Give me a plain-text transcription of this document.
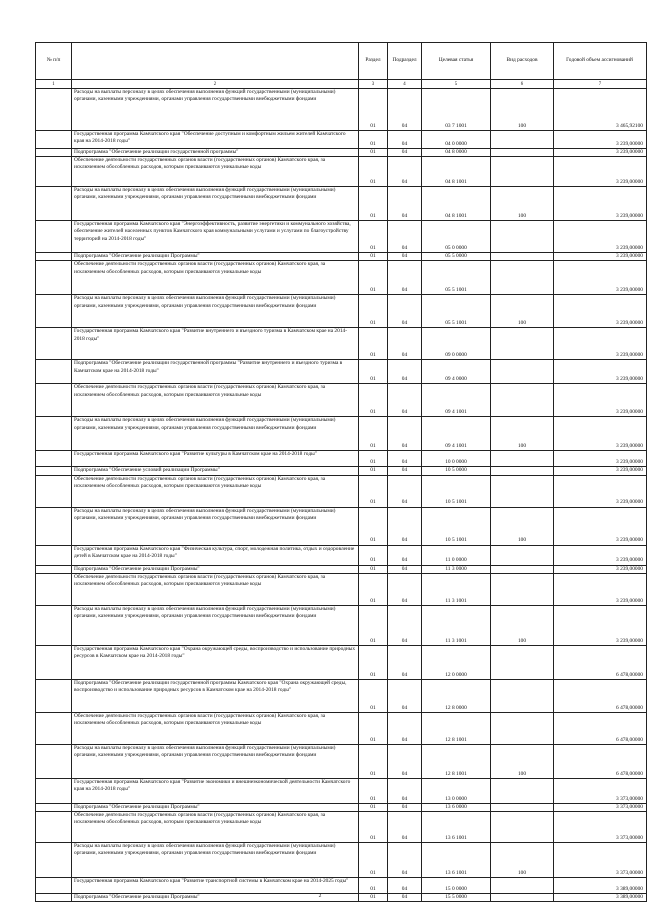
№ п/п		Раздел	Подраздел	Целевая статья	Вид расходов	Годовой объем ассигнований
1	2	3	4	5	6	7
	Расходы на выплаты персоналу в целях обеспечения выполнения функций государственными (муниципальными) органами, казенными учреждениями, органами управления государственными внебюджетными фондами	01	04	03 7 1001	100	3 465,92100
	Государственная программа Камчатского края "Обеспечение доступным и комфортным жильем жителей Камчатского края на 2014-2018 годы"	01	04	04 0 0000		3 239,00000
	Подпрограмма "Обеспечение реализации государственной программы"	01	04	04 8 0000		3 239,00000
	Обеспечение деятельности государственных органов власти (государственных органов) Камчатского края, за исключением обособленных расходов, которым присваиваются уникальные коды	01	04	04 8 1001		3 239,00000
	Расходы на выплаты персоналу в целях обеспечения выполнения функций государственными (муниципальными) органами, казенными учреждениями, органами управления государственными внебюджетными фондами	01	04	04 8 1001	100	3 239,00000
	Государственная программа Камчатского края "Энергоэффективность, развитие энергетики и коммунального хозяйства, обеспечение жителей населенных пунктов Камчатского края коммунальными услугами и услугами по благоустройству территорий на 2014-2018 годы"	01	04	05 0 0000		3 239,00000
	Подпрограмма "Обеспечение реализации Программы"	01	04	05 5 0000		3 239,00000
	Обеспечение деятельности государственных органов власти (государственных органов) Камчатского края, за исключением обособленных расходов, которым присваиваются уникальные коды	01	04	05 5 1001		3 239,00000
	Расходы на выплаты персоналу в целях обеспечения выполнения функций государственными (муниципальными) органами, казенными учреждениями, органами управления государственными внебюджетными фондами	01	04	05 5 1001	100	3 239,00000
	Государственная программа Камчатского края "Развитие внутреннего и въездного туризма в Камчатском крае на 2014-2018 годы"	01	04	09 0 0000		3 239,00000
	Подпрограмма "Обеспечение реализации государственной программы "Развитие внутреннего и въездного туризма в Камчатском крае на 2014-2018 годы"	01	04	09 4 0000		3 239,00000
	Обеспечение деятельности государственных органов власти (государственных органов) Камчатского края, за исключением обособленных расходов, которым присваиваются уникальные коды	01	04	09 4 1001		3 239,00000
	Расходы на выплаты персоналу в целях обеспечения выполнения функций государственными (муниципальными) органами, казенными учреждениями, органами управления государственными внебюджетными фондами	01	04	09 4 1001	100	3 239,00000
	Государственная программа Камчатского края "Развитие культуры в Камчатском крае на 2014-2018 годы"	01	04	10 0 0000		3 239,00000
	Подпрограмма "Обеспечение условий реализации Программы"	01	04	10 5 0000		3 239,00000
	Обеспечение деятельности государственных органов власти (государственных органов) Камчатского края, за исключением обособленных расходов, которым присваиваются уникальные коды	01	04	10 5 1001		3 239,00000
	Расходы на выплаты персоналу в целях обеспечения выполнения функций государственными (муниципальными) органами, казенными учреждениями, органами управления государственными внебюджетными фондами	01	04	10 5 1001	100	3 239,00000
	Государственная программа Камчатского края "Физическая культура, спорт, молодежная политика, отдых и оздоровление детей в Камчатском крае на 2014-2018 годы"	01	04	11 0 0000		3 239,00000
	Подпрограмма "Обеспечение реализации Программы"	01	04	11 3 0000		3 239,00000
	Обеспечение деятельности государственных органов власти (государственных органов) Камчатского края, за исключением обособленных расходов, которым присваиваются уникальные коды	01	04	11 3 1001		3 239,00000
	Расходы на выплаты персоналу в целях обеспечения выполнения функций государственными (муниципальными) органами, казенными учреждениями, органами управления государственными внебюджетными фондами	01	04	11 3 1001	100	3 239,00000
	Государственная программа Камчатского края "Охрана окружающей среды, воспроизводство и использование природных ресурсов в Камчатском крае на 2014-2018 годы"	01	04	12 0 0000		6 478,00000
	Подпрограмма "Обеспечение реализации государственной программы Камчатского края "Охрана окружающей среды, воспроизводство и использование природных ресурсов в Камчатском крае на 2014-2018 годы"	01	04	12 8 0000		6 478,00000
	Обеспечение деятельности государственных органов власти (государственных органов) Камчатского края, за исключением обособленных расходов, которым присваиваются уникальные коды	01	04	12 8 1001		6 478,00000
	Расходы на выплаты персоналу в целях обеспечения выполнения функций государственными (муниципальными) органами, казенными учреждениями, органами управления государственными внебюджетными фондами	01	04	12 8 1001	100	6 478,00000
	Государственная программа Камчатского края "Развитие экономики и внешнеэкономической деятельности Камчатского края на 2014-2018 годы"	01	04	13 0 0000		3 373,00000
	Подпрограмма "Обеспечение реализации Программы"	01	04	13 6 0000		3 373,00000
	Обеспечение деятельности государственных органов власти (государственных органов) Камчатского края, за исключением обособленных расходов, которым присваиваются уникальные коды	01	04	13 6 1001		3 373,00000
	Расходы на выплаты персоналу в целях обеспечения выполнения функций государственными (муниципальными) органами, казенными учреждениями, органами управления государственными внебюджетными фондами	01	04	13 6 1001	100	3 373,00000
	Государственная программа Камчатского края "Развитие транспортной системы в Камчатском крае на 2014-2025 годы"	01	04	15 0 0000		3 389,00000
	Подпрограмма "Обеспечение реализации Программы"	01	04	15 5 0000		3 389,00000
2
